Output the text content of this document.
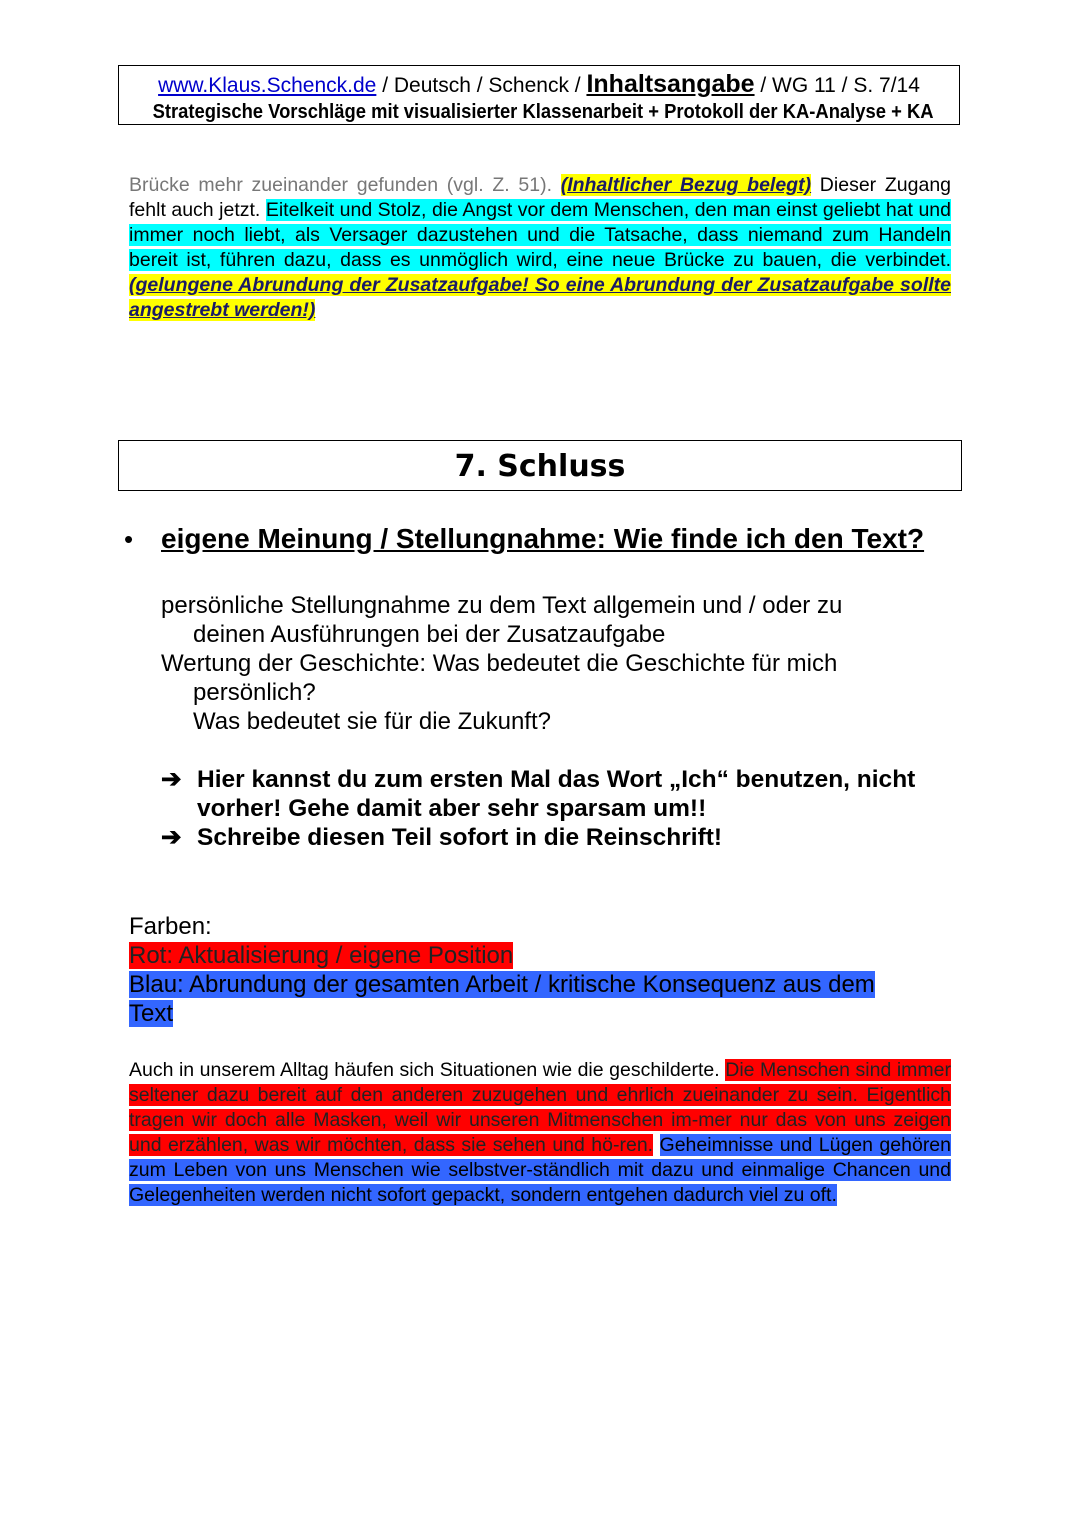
www.Klaus.Schenck.de / Deutsch / Schenck / Inhaltsangabe / WG 11 / S. 7/14
Strategische Vorschläge mit visualisierter Klassenarbeit + Protokoll der KA-Analyse + KA
Brücke mehr zueinander gefunden (vgl. Z. 51). (Inhaltlicher Bezug belegt) Dieser Zugang fehlt auch jetzt. Eitelkeit und Stolz, die Angst vor dem Menschen, den man einst geliebt hat und immer noch liebt, als Versager dazustehen und die Tatsache, dass niemand zum Handeln bereit ist, führen dazu, dass es unmöglich wird, eine neue Brücke zu bauen, die verbindet. (gelungene Abrundung der Zusatzaufgabe! So eine Abrundung der Zusatzaufgabe sollte angestrebt werden!)
7. Schluss
• eigene Meinung / Stellungnahme: Wie finde ich den Text?
persönliche Stellungnahme zu dem Text allgemein und / oder zu
deinen Ausführungen bei der Zusatzaufgabe
Wertung der Geschichte: Was bedeutet die Geschichte für mich
persönlich?
Was bedeutet sie für die Zukunft?
➔ Hier kannst du zum ersten Mal das Wort „Ich“ benutzen, nicht vorher! Gehe damit aber sehr sparsam um!!
➔ Schreibe diesen Teil sofort in die Reinschrift!
Farben:
Rot: Aktualisierung / eigene Position
Blau: Abrundung der gesamten Arbeit / kritische Konsequenz aus dem Text
Auch in unserem Alltag häufen sich Situationen wie die geschilderte. Die Menschen sind immer seltener dazu bereit auf den anderen zuzugehen und ehrlich zueinander zu sein. Eigentlich tragen wir doch alle Masken, weil wir unseren Mitmenschen im-mer nur das von uns zeigen und erzählen, was wir möchten, dass sie sehen und hö-ren. Geheimnisse und Lügen gehören zum Leben von uns Menschen wie selbstver-ständlich mit dazu und einmalige Chancen und Gelegenheiten werden nicht sofort gepackt, sondern entgehen dadurch viel zu oft.
